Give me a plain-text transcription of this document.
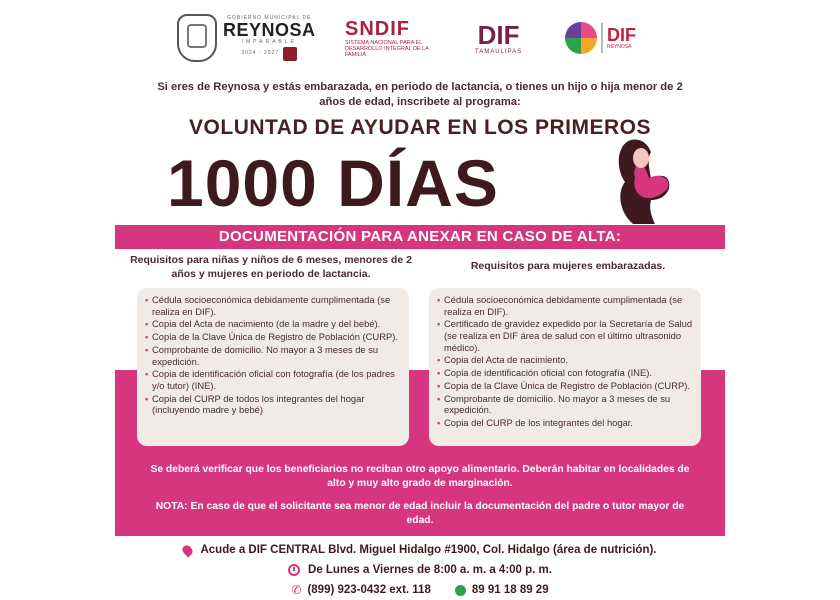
GOBIERNO MUNICIPAL DE
REYNOSA
IMPARABLE
2024 · 2027
SNDIF
SISTEMA NACIONAL PARA EL DESARROLLO INTEGRAL DE LA FAMILIA
DIF
TAMAULIPAS
DIF
REYNOSA
Si eres de Reynosa y estás embarazada, en periodo de lactancia, o tienes un hijo o hija menor de 2 años de edad, inscribete al programa:
VOLUNTAD DE AYUDAR EN LOS PRIMEROS
1000 DÍAS
DOCUMENTACIÓN PARA ANEXAR EN CASO DE ALTA:
Requisitos para niñas y niños de 6 meses, menores de 2 años y mujeres en periodo de lactancia.
Requisitos para mujeres embarazadas.
• Cédula socioeconómica debidamente cumplimentada (se realiza en DIF).
• Copia del Acta de nacimiento (de la madre y del bebé).
• Copia de la Clave Única de Registro de Población (CURP).
• Comprobante de domicilio. No mayor a 3 meses de su expedición.
• Copia de identificación oficial con fotografía (de los padres y/o tutor) (INE).
• Copia del CURP de todos los integrantes del hogar (incluyendo madre y bebé)
• Cédula socioeconómica debidamente cumplimentada (se realiza en DIF).
• Certificado de gravidez expedido por la Secretaría de Salud (se realiza en DIF área de salud con el último ultrasonido médico).
• Copia del Acta de nacimiento.
• Copia de identificación oficial con fotografía (INE).
• Copia de la Clave Única de Registro de Población (CURP).
• Comprobante de domicilio. No mayor a 3 meses de su expedición.
• Copia del CURP de los integrantes del hogar.
Se deberá verificar que los beneficiarios no reciban otro apoyo alimentario. Deberán habitar en localidades de alto y muy alto grado de marginación.
NOTA: En caso de que el solicitante sea menor de edad incluir la documentación del padre o tutor mayor de edad.
Acude a DIF CENTRAL Blvd. Miguel Hidalgo #1900, Col. Hidalgo (área de nutrición).
De Lunes a Viernes de 8:00 a. m. a 4:00 p. m.
✆ (899) 923-0432 ext. 118	89 91 18 89 29
